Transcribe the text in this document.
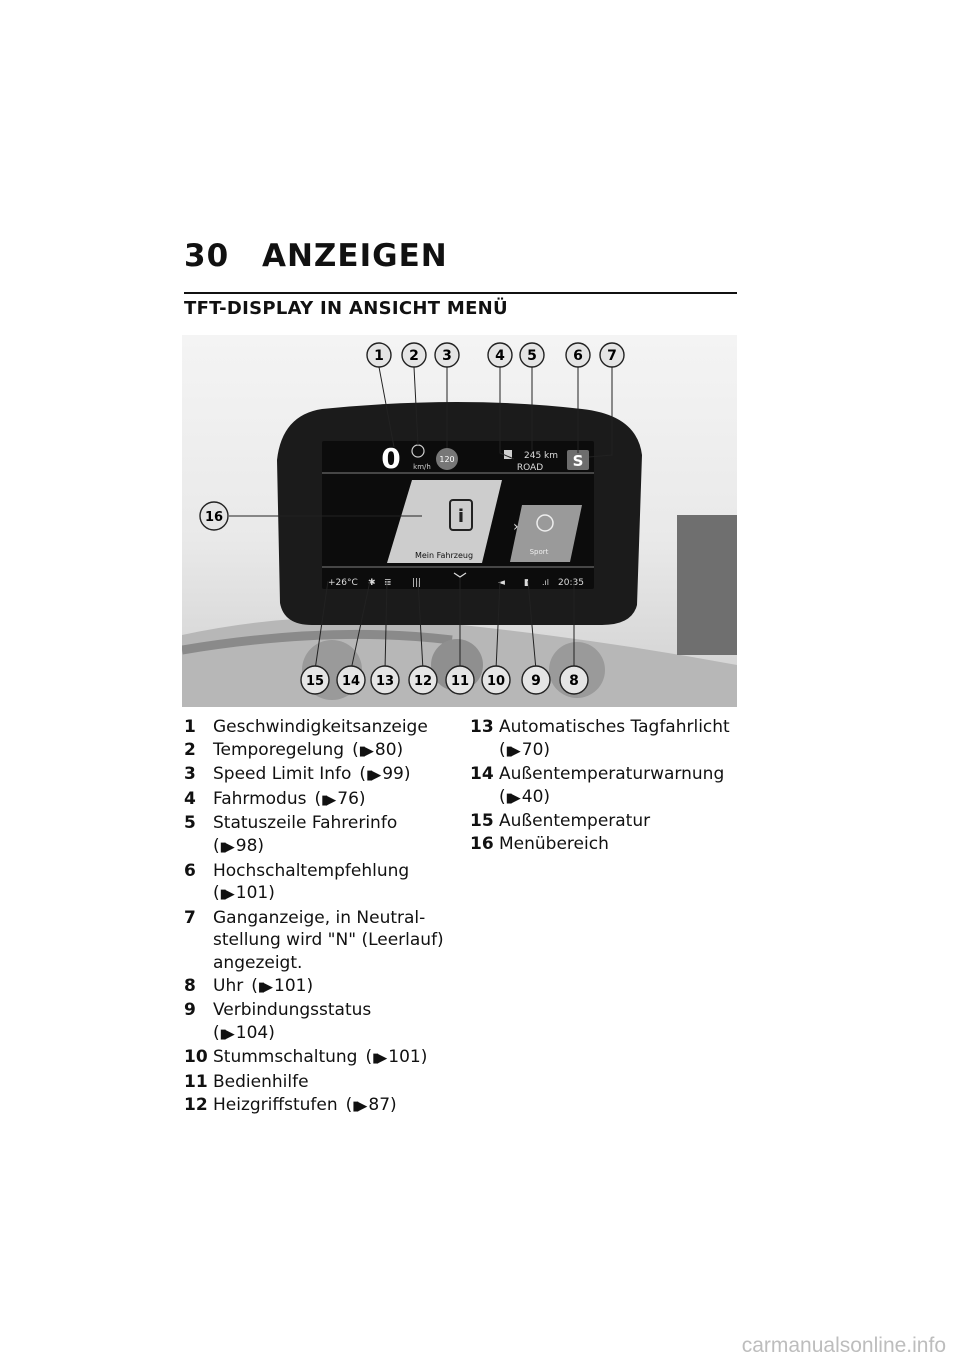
30 ANZEIGEN
TFT-DISPLAY IN ANSICHT MENÜ
0 km/h
120	245 km
ROAD S
i
Mein Fahrzeug
›
Sport
+26°C ✱ ≣ |||	◄ ▮ .ıl 20:35
1 2 3	4 5	6 7
16
15 14 13 12 11 10 9 8
1	Geschwindigkeitsanzeige
2	Temporegelung (▮▶ 80)
3	Speed Limit Info (▮▶ 99)
4	Fahrmodus (▮▶ 76)
5	Statuszeile Fahrerinfo
(▮▶ 98)
6	Hochschaltempfehlung
(▮▶ 101)
7	Ganganzeige, in Neutral-stellung wird "N" (Leerlauf) angezeigt.
8	Uhr (▮▶ 101)
9	Verbindungsstatus
(▮▶ 104)
10 Stummschaltung (▮▶ 101)
11 Bedienhilfe
12 Heizgriffstufen (▮▶ 87)
13 Automatisches Tagfahrlicht
(▮▶ 70)
14 Außentemperaturwarnung
(▮▶ 40)
15 Außentemperatur
16 Menübereich
carmanualsonline.info
